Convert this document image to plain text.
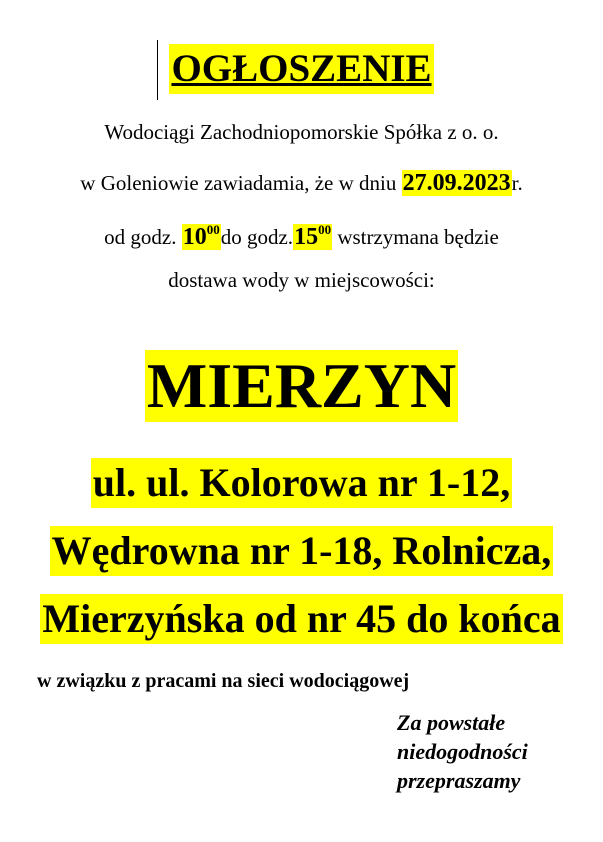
OGŁOSZENIE
Wodociągi Zachodniopomorskie Spółka z o. o.
w Goleniowie zawiadamia, że w dniu 27.09.2023r.
od godz. $10^{00}do$ $godz.15^{00}$ wstrzymana będzie
dostawa wody w miejscowości:
MIERZYN
ul. ul. Kolorowa nr 1-12,
Wędrowna nr 1-18, Rolnicza,
Mierzyńska od nr 45 do końca
w związku z pracami na sieci wodociągowej
Za powstałe
niedogodności
przepraszamy
